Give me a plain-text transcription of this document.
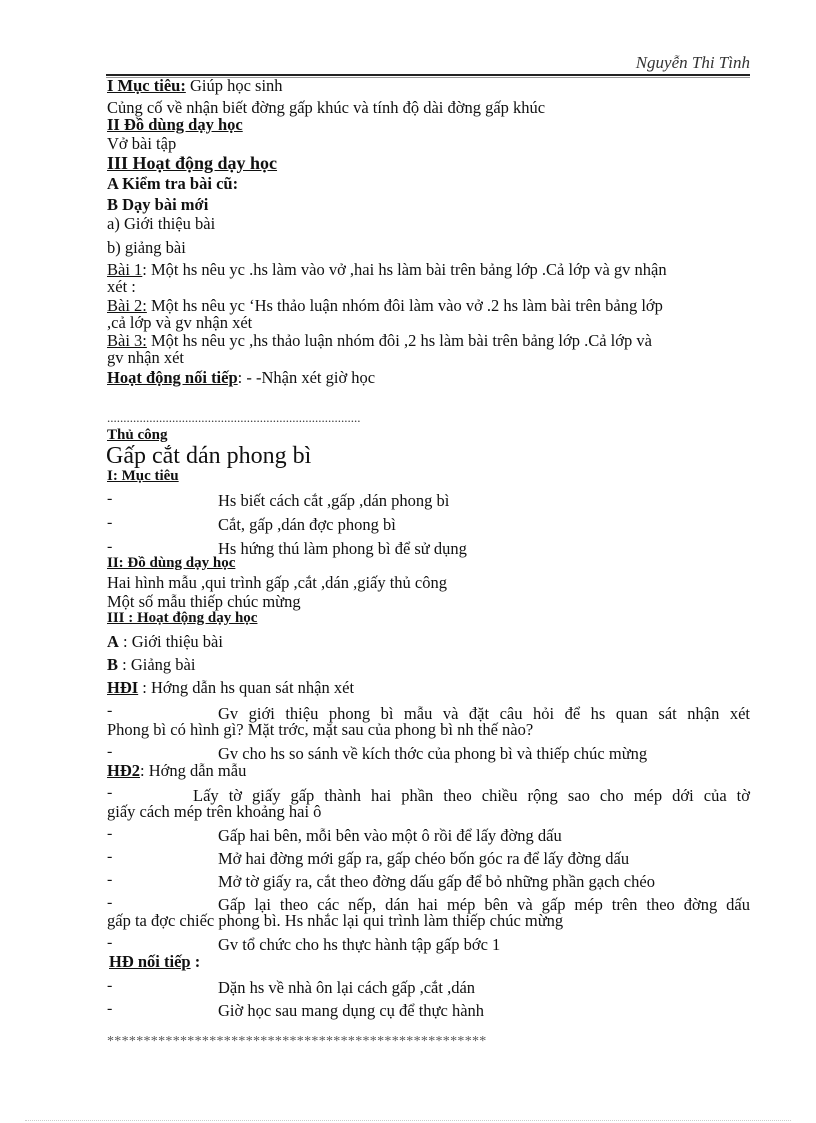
Nguyễn Thi Tình
I Mục tiêu: Giúp học sinh
Củng cố về nhận biết đờng gấp khúc và tính độ dài đờng gấp khúc
II Đồ dùng dạy học
Vở bài tập
III Hoạt động dạy học
A Kiểm tra bài cũ:
B Dạy bài mới
a) Giới thiệu bài
b) giảng bài
Bài 1: Một hs nêu yc .hs làm vào vở ,hai hs làm bài trên bảng lớp .Cả lớp và gv nhận
xét :
Bài 2: Một hs nêu yc ‘Hs thảo luận nhóm đôi làm vào vở .2 hs làm bài trên bảng lớp
,cả lớp và gv nhận xét
Bài 3: Một hs nêu yc ,hs thảo luận nhóm đôi ,2 hs làm bài trên bảng lớp .Cả lớp và
gv nhận xét
Hoạt động nối tiếp: - -Nhận xét giờ học
..............................................................................
Thủ công
Gấp cắt dán phong bì
I: Mục tiêu
-	Hs biết cách cắt ,gấp ,dán phong bì
-	Cắt, gấp ,dán đợc phong bì
-	Hs hứng thú làm phong bì để sử dụng
II: Đồ dùng dạy học
Hai hình mẫu ,qui trình gấp ,cắt ,dán ,giấy thủ công
Một số mẫu thiếp chúc mừng
III : Hoạt động dạy học
A : Giới thiệu bài
B : Giảng bài
HĐI : Hớng dẫn hs quan sát nhận xét
-	Gv giới thiệu phong bì mẫu và đặt câu hỏi để hs quan sát nhận xét
Phong bì có hình gì? Mặt trớc, mặt sau của phong bì nh thế nào?
-	Gv cho hs so sánh về kích thớc của phong bì và thiếp chúc mừng
HĐ2: Hớng dẫn mẫu
-	Lấy tờ giấy gấp thành hai phần theo chiều rộng sao cho mép dới của tờ
giấy cách mép trên khoảng hai ô
-	Gấp hai bên, mỗi bên vào một ô rồi để lấy đờng dấu
-	Mở hai đờng mới gấp ra, gấp chéo bốn góc ra để lấy đờng dấu
-	Mở tờ giấy ra, cắt theo đờng dấu gấp để bỏ những phần gạch chéo
-	Gấp lại theo các nếp, dán hai mép bên và gấp mép trên theo đờng dấu
gấp ta đợc chiếc phong bì. Hs nhắc lại qui trình làm thiếp chúc mừng
-	Gv tổ chức cho hs thực hành tập gấp bớc 1
HĐ nối tiếp :
-	Dặn hs về nhà ôn lại cách gấp ,cắt ,dán
-	Giờ học sau mang dụng cụ để thực hành
****************************************************
